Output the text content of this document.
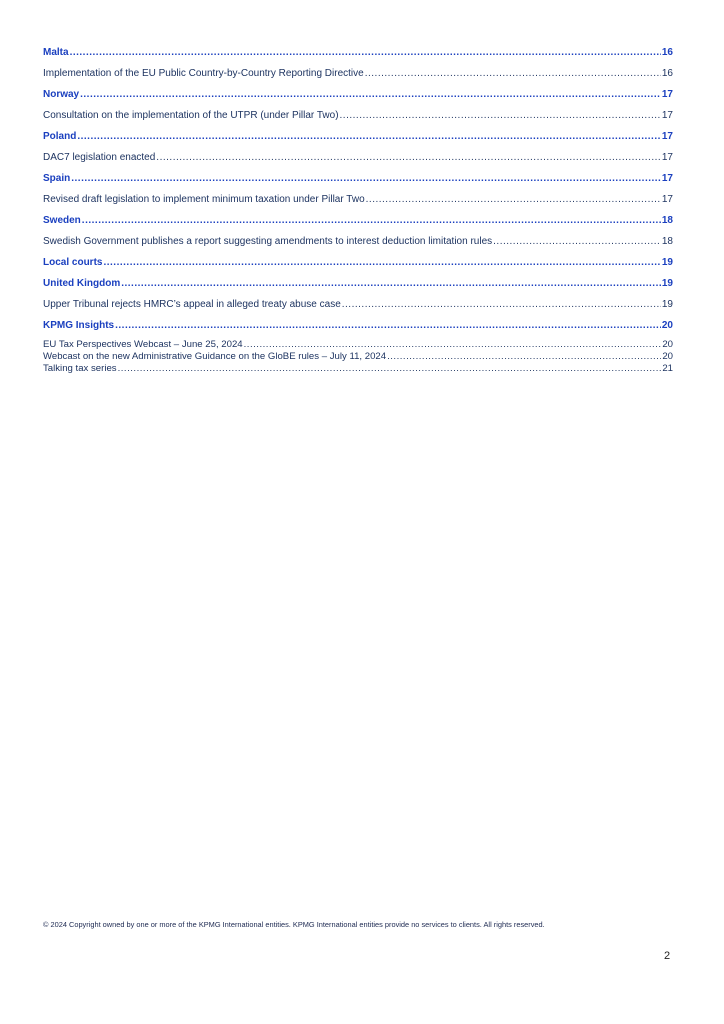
Malta .....	16
Implementation of the EU Public Country-by-Country Reporting Directive .....	16
Norway .....	17
Consultation on the implementation of the UTPR (under Pillar Two) .....	17
Poland .....	17
DAC7 legislation enacted .....	17
Spain .....	17
Revised draft legislation to implement minimum taxation under Pillar Two .....	17
Sweden .....	18
Swedish Government publishes a report suggesting amendments to interest deduction limitation rules .....	18
Local courts .....	19
United Kingdom .....	19
Upper Tribunal rejects HMRC’s appeal in alleged treaty abuse case .....	19
KPMG Insights .....	20
EU Tax Perspectives Webcast – June 25, 2024 .....	20
Webcast on the new Administrative Guidance on the GloBE rules – July 11, 2024 .....	20
Talking tax series .....	21
© 2024 Copyright owned by one or more of the KPMG International entities. KPMG International entities provide no services to clients. All rights reserved.
2
